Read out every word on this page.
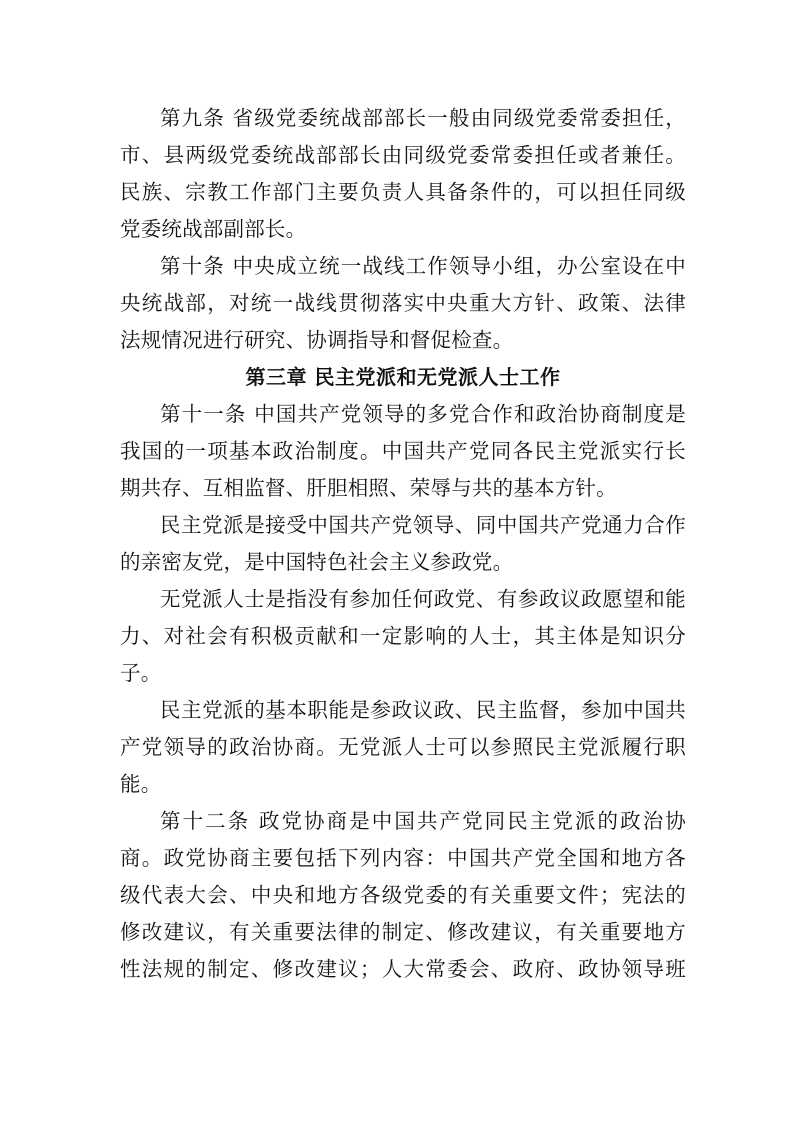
第九条 省级党委统战部部长一般由同级党委常委担任，
市、县两级党委统战部部长由同级党委常委担任或者兼任。
民族、宗教工作部门主要负责人具备条件的，可以担任同级
党委统战部副部长。
第十条 中央成立统一战线工作领导小组，办公室设在中
央统战部，对统一战线贯彻落实中央重大方针、政策、法律
法规情况进行研究、协调指导和督促检查。
第三章 民主党派和无党派人士工作
第十一条 中国共产党领导的多党合作和政治协商制度是
我国的一项基本政治制度。中国共产党同各民主党派实行长
期共存、互相监督、肝胆相照、荣辱与共的基本方针。
民主党派是接受中国共产党领导、同中国共产党通力合作
的亲密友党，是中国特色社会主义参政党。
无党派人士是指没有参加任何政党、有参政议政愿望和能
力、对社会有积极贡献和一定影响的人士，其主体是知识分
子。
民主党派的基本职能是参政议政、民主监督，参加中国共
产党领导的政治协商。无党派人士可以参照民主党派履行职
能。
第十二条 政党协商是中国共产党同民主党派的政治协
商。政党协商主要包括下列内容：中国共产党全国和地方各
级代表大会、中央和地方各级党委的有关重要文件；宪法的
修改建议，有关重要法律的制定、修改建议，有关重要地方
性法规的制定、修改建议；人大常委会、政府、政协领导班
